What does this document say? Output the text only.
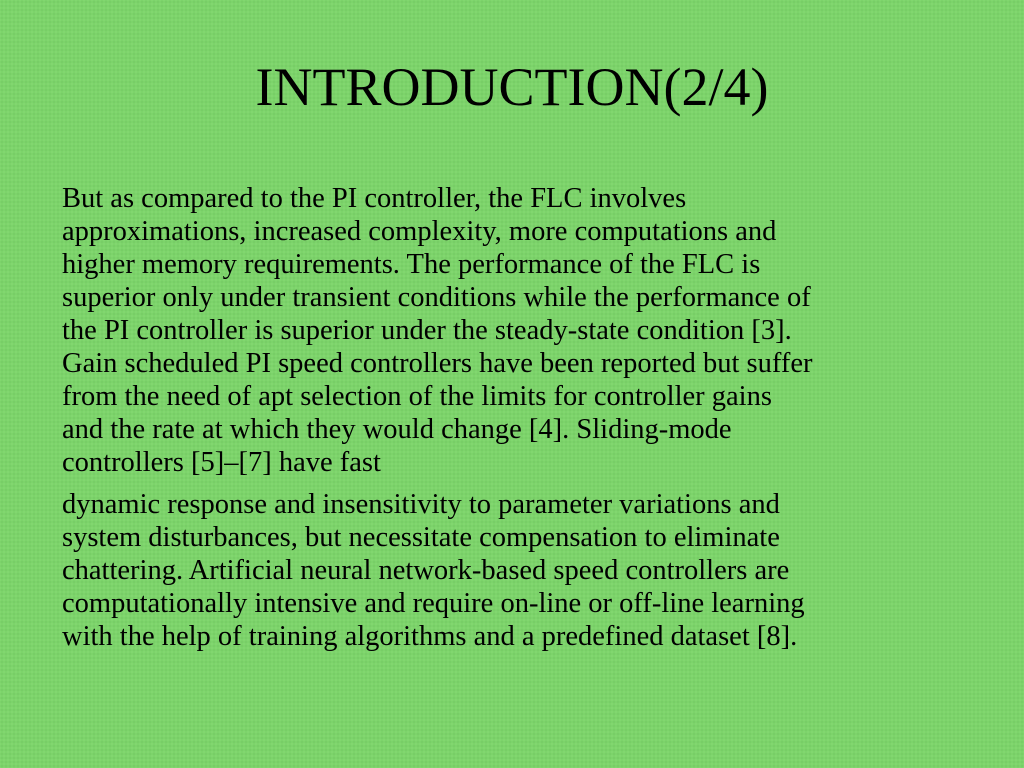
INTRODUCTION(2/4)

But as compared to the PI controller, the FLC involves
approximations, increased complexity, more computations and
higher memory requirements. The performance of the FLC is
superior only under transient conditions while the performance of
the PI controller is superior under the steady-state condition [3].
Gain scheduled PI speed controllers have been reported but suffer
from the need of apt selection of the limits for controller gains
and the rate at which they would change [4]. Sliding-mode
controllers [5]–[7] have fast

dynamic response and insensitivity to parameter variations and
system disturbances, but necessitate compensation to eliminate
chattering. Artificial neural network-based speed controllers are
computationally intensive and require on-line or off-line learning
with the help of training algorithms and a predefined dataset [8].
